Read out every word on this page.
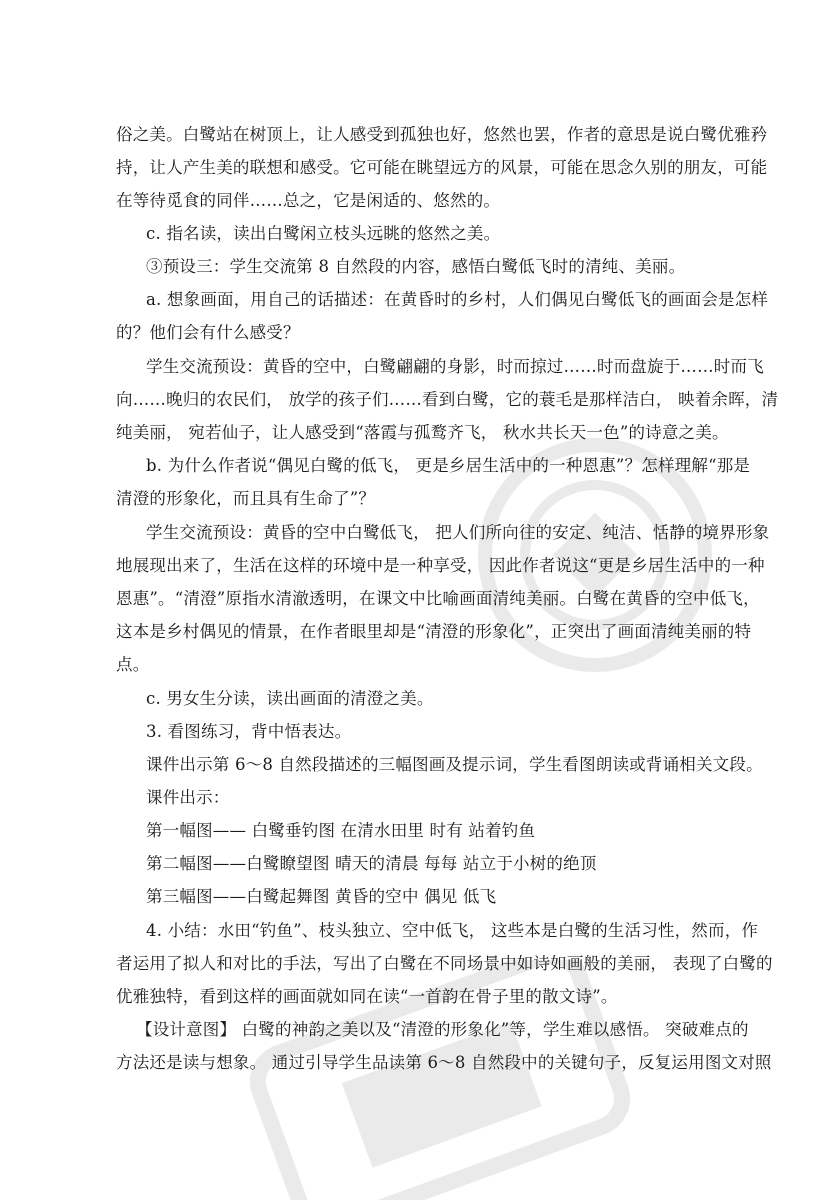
俗之美。白鹭站在树顶上，让人感受到孤独也好，悠然也罢，作者的意思是说白鹭优雅矜
持，让人产生美的联想和感受。它可能在眺望远方的风景，可能在思念久别的朋友，可能
在等待觅食的同伴……总之，它是闲适的、悠然的。
c. 指名读，读出白鹭闲立枝头远眺的悠然之美。
③预设三：学生交流第 8 自然段的内容，感悟白鹭低飞时的清纯、美丽。
a. 想象画面，用自己的话描述：在黄昏时的乡村，人们偶见白鹭低飞的画面会是怎样
的？他们会有什么感受？
学生交流预设：黄昏的空中，白鹭翩翩的身影，时而掠过……时而盘旋于……时而飞
向……晚归的农民们， 放学的孩子们……看到白鹭，它的蓑毛是那样洁白， 映着余晖，清
纯美丽， 宛若仙子，让人感受到“落霞与孤鹜齐飞， 秋水共长天一色”的诗意之美。
b. 为什么作者说“偶见白鹭的低飞， 更是乡居生活中的一种恩惠”？怎样理解“那是
清澄的形象化，而且具有生命了”？
学生交流预设：黄昏的空中白鹭低飞， 把人们所向往的安定、纯洁、恬静的境界形象
地展现出来了，生活在这样的环境中是一种享受， 因此作者说这“更是乡居生活中的一种
恩惠”。“清澄”原指水清澈透明，在课文中比喻画面清纯美丽。白鹭在黄昏的空中低飞，
这本是乡村偶见的情景，在作者眼里却是“清澄的形象化”，正突出了画面清纯美丽的特
点。
c. 男女生分读，读出画面的清澄之美。
3. 看图练习，背中悟表达。
课件出示第 6～8 自然段描述的三幅图画及提示词，学生看图朗读或背诵相关文段。
课件出示：
第一幅图—— 白鹭垂钓图 在清水田里 时有 站着钓鱼
第二幅图——白鹭瞭望图 晴天的清晨 每每 站立于小树的绝顶
第三幅图——白鹭起舞图 黄昏的空中 偶见 低飞
4. 小结：水田“钓鱼”、枝头独立、空中低飞， 这些本是白鹭的生活习性，然而，作
者运用了拟人和对比的手法，写出了白鹭在不同场景中如诗如画般的美丽， 表现了白鹭的
优雅独特，看到这样的画面就如同在读“一首韵在骨子里的散文诗”。
【设计意图】 白鹭的神韵之美以及“清澄的形象化”等，学生难以感悟。 突破难点的
方法还是读与想象。 通过引导学生品读第 6～8 自然段中的关键句子，反复运用图文对照
